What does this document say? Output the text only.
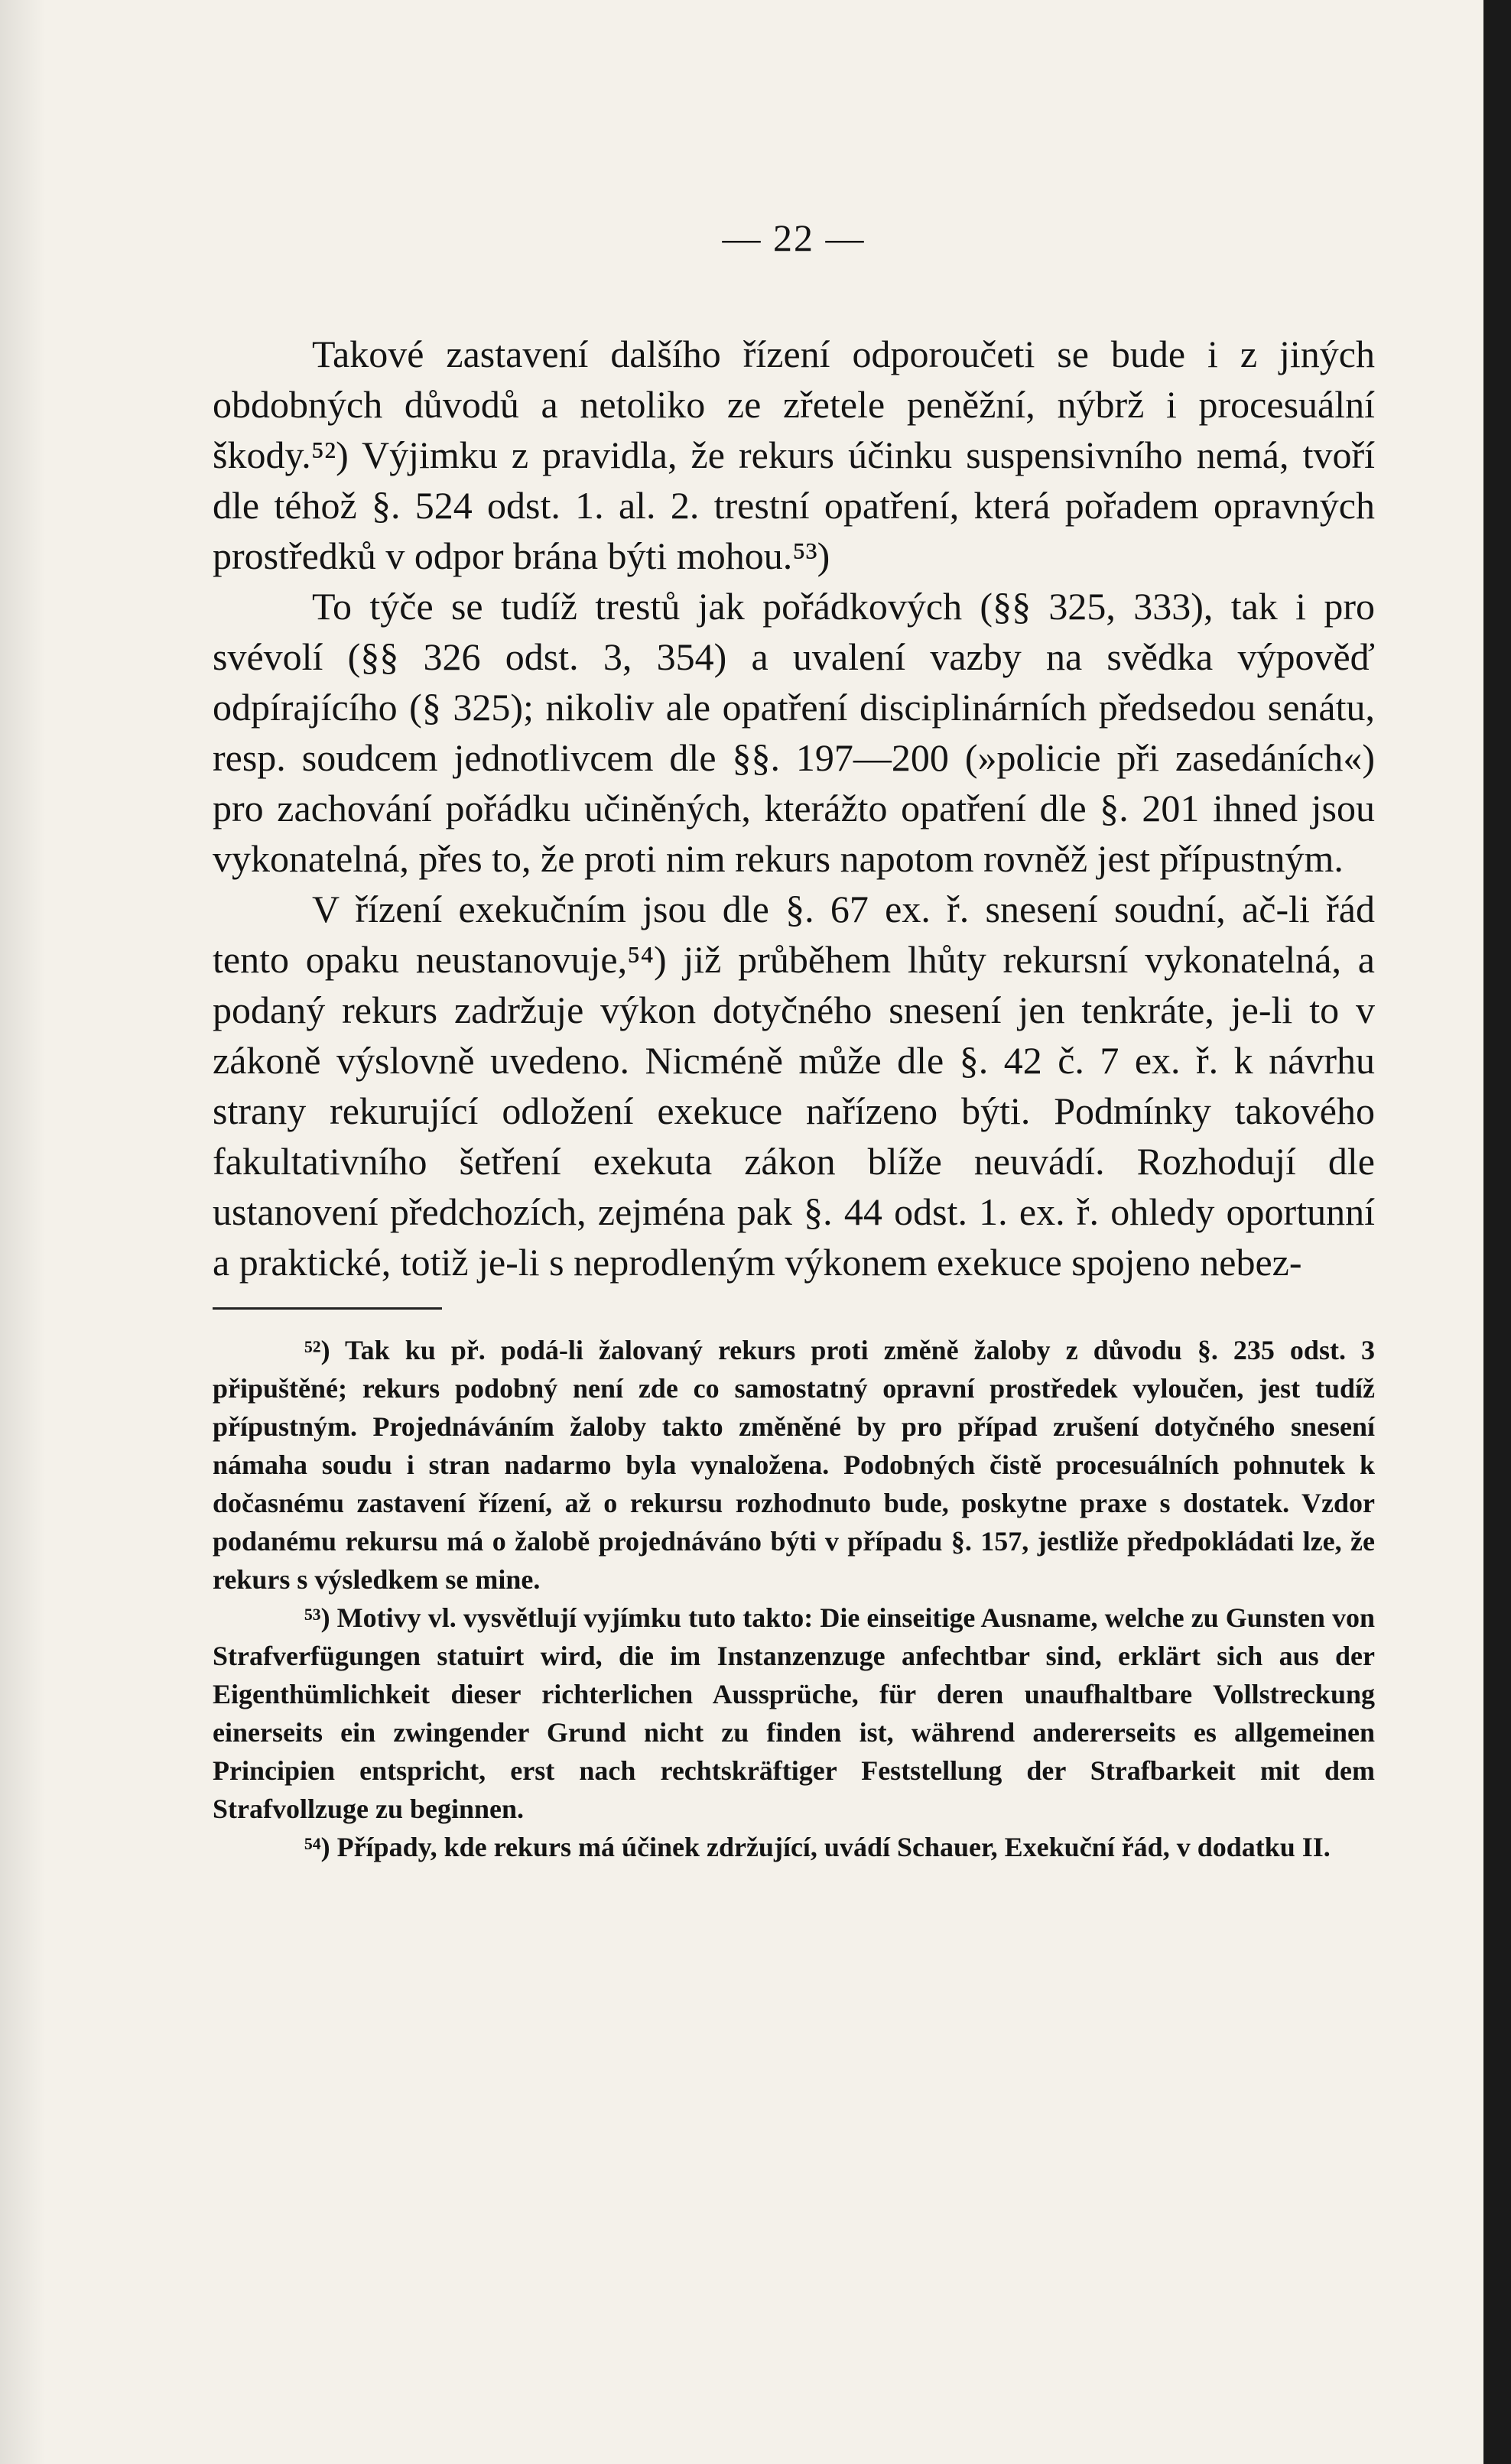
— 22 —

Takové zastavení dalšího řízení odporoučeti se bude i z jiných obdobných důvodů a netoliko ze zřetele peněžní, nýbrž i procesuální škody.⁵²) Výjimku z pravidla, že rekurs účinku suspensivního nemá, tvoří dle téhož §. 524 odst. 1. al. 2. trestní opatření, která pořadem opravných prostředků v odpor brána býti mohou.⁵³)

To týče se tudíž trestů jak pořádkových (§§ 325, 333), tak i pro svévolí (§§ 326 odst. 3, 354) a uvalení vazby na svědka výpověď odpírajícího (§ 325); nikoliv ale opatření disciplinárních předsedou senátu, resp. soudcem jednotlivcem dle §§. 197—200 (»policie při zasedáních«) pro zachování pořádku učiněných, kterážto opatření dle §. 201 ihned jsou vykonatelná, přes to, že proti nim rekurs napotom rovněž jest přípustným.

V řízení exekučním jsou dle §. 67 ex. ř. snesení soudní, ač-li řád tento opaku neustanovuje,⁵⁴) již průběhem lhůty rekursní vykonatelná, a podaný rekurs zadržuje výkon dotyčného snesení jen tenkráte, je-li to v zákoně výslovně uvedeno. Nicméně může dle §. 42 č. 7 ex. ř. k návrhu strany rekurující odložení exekuce nařízeno býti. Podmínky takového fakultativního šetření exekuta zákon blíže neuvádí. Rozhodují dle ustanovení předchozích, zejména pak §. 44 odst. 1. ex. ř. ohledy oportunní a praktické, totiž je-li s neprodleným výkonem exekuce spojeno nebez-

⁵²) Tak ku př. podá-li žalovaný rekurs proti změně žaloby z důvodu §. 235 odst. 3 připuštěné; rekurs podobný není zde co samostatný opravní prostředek vyloučen, jest tudíž přípustným. Projednáváním žaloby takto změněné by pro případ zrušení dotyčného snesení námaha soudu i stran nadarmo byla vynaložena. Podobných čistě procesuálních pohnutek k dočasnému zastavení řízení, až o rekursu rozhodnuto bude, poskytne praxe s dostatek. Vzdor podanému rekursu má o žalobě projednáváno býti v případu §. 157, jestliže předpokládati lze, že rekurs s výsledkem se mine.

⁵³) Motivy vl. vysvětlují vyjímku tuto takto: Die einseitige Ausname, welche zu Gunsten von Strafverfügungen statuirt wird, die im Instanzenzuge anfechtbar sind, erklärt sich aus der Eigenthümlichkeit dieser richterlichen Aussprüche, für deren unaufhaltbare Vollstreckung einerseits ein zwingender Grund nicht zu finden ist, während andererseits es allgemeinen Principien entspricht, erst nach rechtskräftiger Feststellung der Strafbarkeit mit dem Strafvollzuge zu beginnen.

⁵⁴) Případy, kde rekurs má účinek zdržující, uvádí Schauer, Exekuční řád, v dodatku II.
